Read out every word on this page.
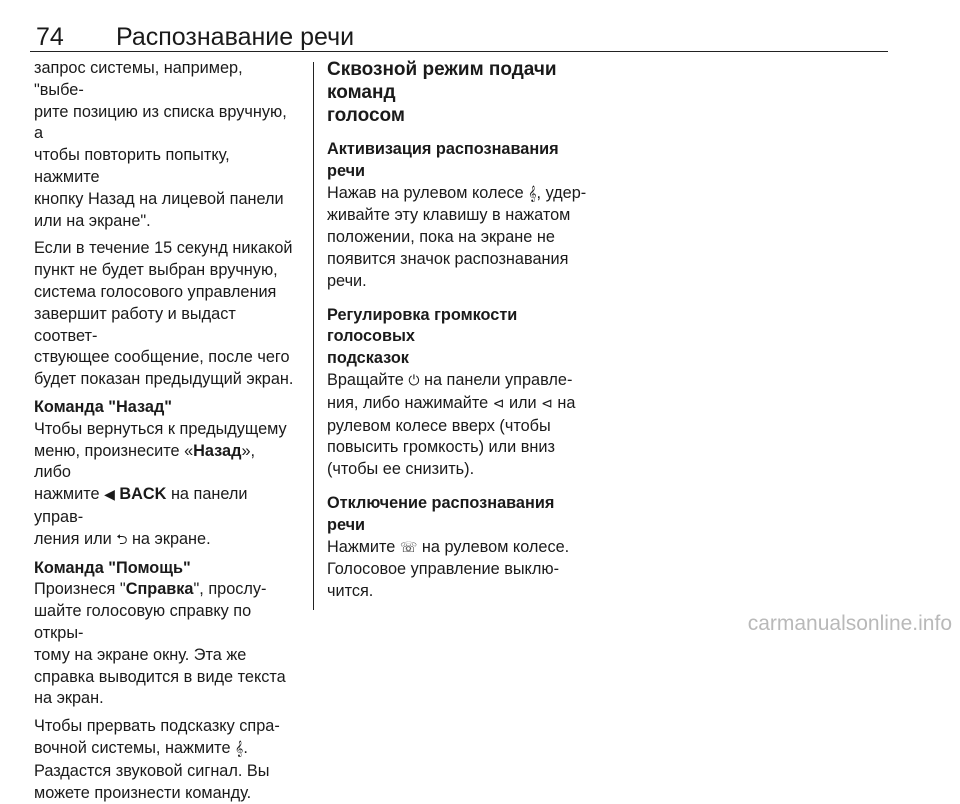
74 Распознавание речи

запрос системы, например, "выбе-
рите позицию из списка вручную, а
чтобы повторить попытку, нажмите
кнопку Назад на лицевой панели
или на экране".

Если в течение 15 секунд никакой
пункт не будет выбран вручную,
система голосового управления
завершит работу и выдаст соответ-
ствующее сообщение, после чего
будет показан предыдущий экран.

Команда "Назад"

Чтобы вернуться к предыдущему
меню, произнесите «Назад», либо
нажмите ◀ BACK на панели управ-
ления или ⮌ на экране.

Команда "Помощь"

Произнеся "Справка", прослу-
шайте голосовую справку по откры-
тому на экране окну. Эта же
справка выводится в виде текста
на экран.

Чтобы прервать подсказку спра-
вочной системы, нажмите 𝄞.
Раздастся звуковой сигнал. Вы
можете произнести команду.

Сквозной режим подачи команд
голосом
Активизация распознавания речи

Нажав на рулевом колесе 𝄞, удер-
живайте эту клавишу в нажатом
положении, пока на экране не
появится значок распознавания
речи.

Регулировка громкости голосовых
подсказок

Вращайте ⏻ на панели управле-
ния, либо нажимайте ⊲ или ⊲ на
рулевом колесе вверх (чтобы
повысить громкость) или вниз
(чтобы ее снизить).

Отключение распознавания речи

Нажмите ☏ на рулевом колесе.
Голосовое управление выклю-
чится.

carmanualsonline.info
